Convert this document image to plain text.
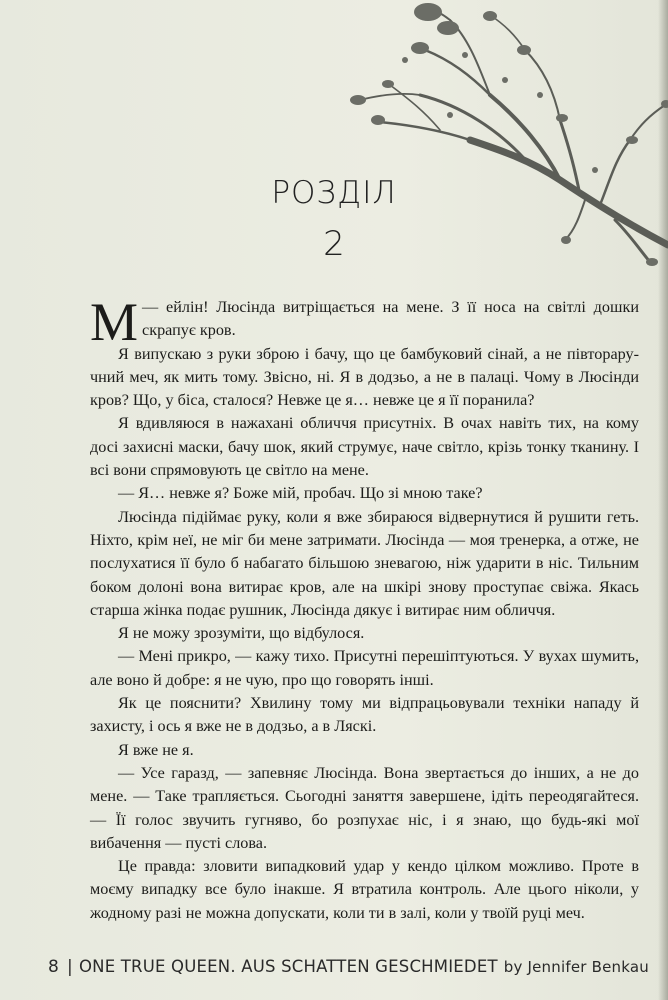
РОЗДІЛ
2

—
М ейлін! Люсінда витріщається на мене. З її носа на світлі дошки скрапує кров.

Я випускаю з руки зброю і бачу, що це бамбуковий сінай, а не півтораручний меч, як мить тому. Звісно, ні. Я в додзьо, а не в палаці. Чому в Люсінди кров? Що, у біса, сталося? Невже це я… невже це я її поранила?

Я вдивляюся в нажахані обличчя присутніх. В очах навіть тих, на кому досі захисні маски, бачу шок, який струмує, наче світло, крізь тонку тканину. І всі вони спрямовують це світло на мене.

— Я… невже я? Боже мій, пробач. Що зі мною таке?

Люсінда підіймає руку, коли я вже збираюся відвернутися й рушити геть. Ніхто, крім неї, не міг би мене затримати. Люсінда — моя тренерка, а отже, не послухатися її було б набагато більшою зневагою, ніж ударити в ніс. Тильним боком долоні вона витирає кров, але на шкірі знову проступає свіжа. Якась старша жінка подає рушник, Люсінда дякує і витирає ним обличчя.

Я не можу зрозуміти, що відбулося.

— Мені прикро, — кажу тихо. Присутні перешіптуються. У вухах шумить, але воно й добре: я не чую, про що говорять інші.

Як це пояснити? Хвилину тому ми відпрацьовували техніки нападу й захисту, і ось я вже не в додзьо, а в Ляскі.

Я вже не я.

— Усе гаразд, — запевняє Люсінда. Вона звертається до інших, а не до мене. — Таке трапляється. Сьогодні заняття завершене, ідіть переодягайтеся. — Її голос звучить гугняво, бо розпухає ніс, і я знаю, що будь-які мої вибачення — пусті слова.

Це правда: зловити випадковий удар у кендо цілком можливо. Проте в моєму випадку все було інакше. Я втратила контроль. Але цього ніколи, у жодному разі не можна допускати, коли ти в залі, коли у твоїй руці меч.

8 | ONE TRUE QUEEN. AUS SCHATTEN GESCHMIEDET by Jennifer Benkau
